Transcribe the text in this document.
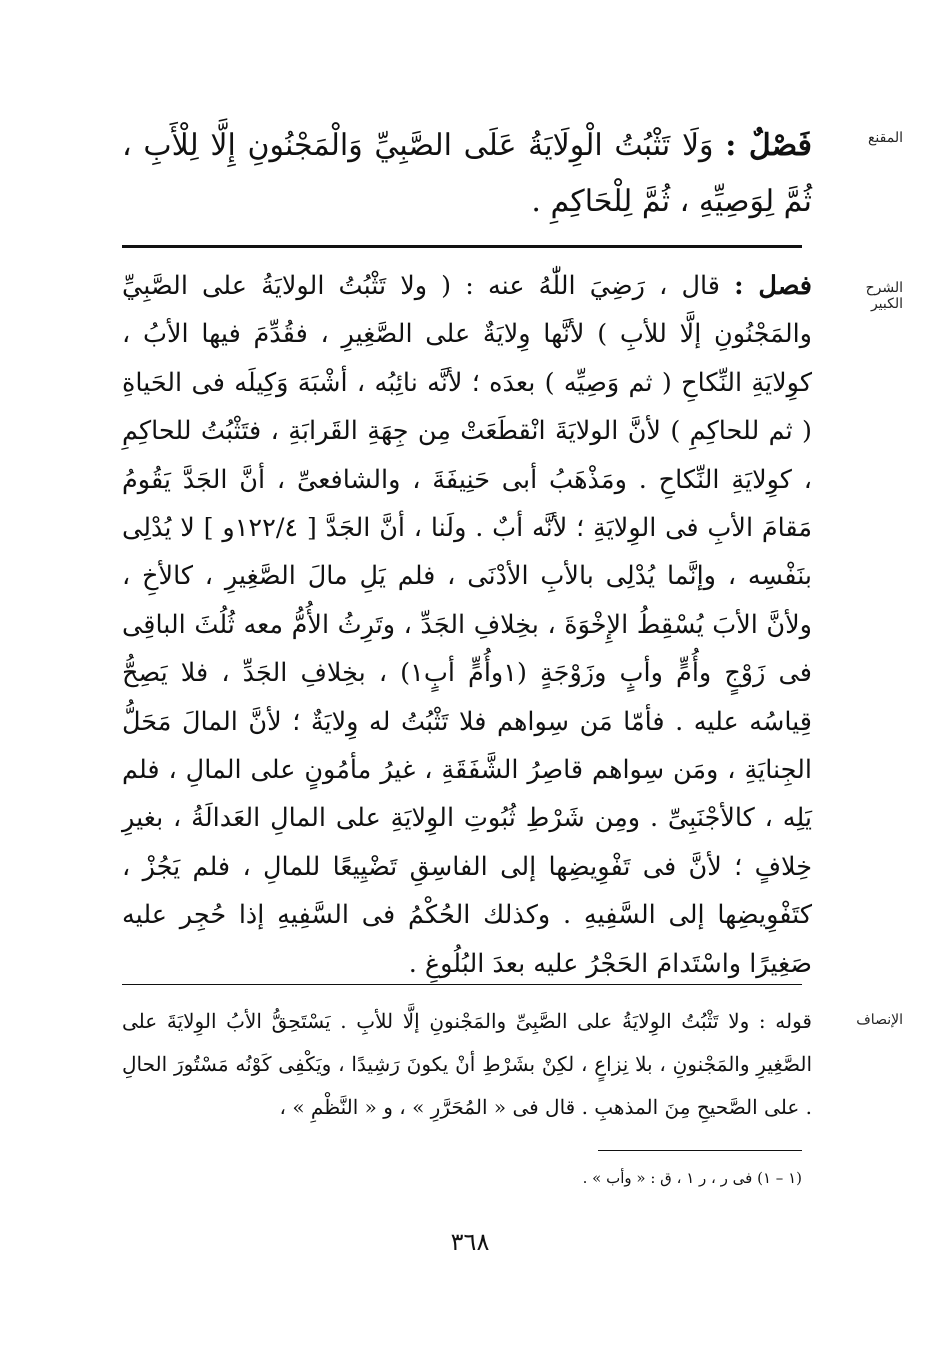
المقنع

فَصْلٌ : وَلَا تَثْبُتُ الْوِلَايَةُ عَلَى الصَّبِيِّ وَالْمَجْنُونِ إِلَّا لِلْأَبِ ، ثُمَّ لِوَصِيِّهِ ، ثُمَّ لِلْحَاكِمِ .

الشرح الكبير

فصل : قال ، رَضِيَ اللّٰهُ عنه : ( ولا تَثْبُتُ الولايَةُ على الصَّبِيِّ والمَجْنُونِ إلَّا للأبِ ) لأنَّها وِلايَةٌ على الصَّغِيرِ ، فقُدِّمَ فيها الأبُ ، كوِلايَةِ النِّكاحِ ( ثم وَصِيِّه ) بعدَه ؛ لأنَّه نائِبُه ، أشْبَهَ وَكِيلَه فى الحَياةِ ( ثم للحاكِمِ ) لأنَّ الولايَةَ انْقطَعَتْ مِن جِهَةِ القَرابَةِ ، فتَثْبُتُ للحاكِمِ ، كوِلايَةِ النِّكاحِ . ومَذْهَبُ أبى حَنِيفَةَ ، والشافعىِّ ، أنَّ الجَدَّ يَقُومُ مَقامَ الأبِ فى الوِلايَةِ ؛ لأنَّه أبٌ . ولَنا ، أنَّ الجَدَّ [ ١٢٢/٤و ] لا يُدْلِى بنَفْسِه ، وإنَّما يُدْلِى بالأبِ الأدْنَى ، فلم يَلِ مالَ الصَّغِيرِ ، كالأخِ ، ولأنَّ الأبَ يُسْقِطُ الإِخْوَةَ ، بخِلافِ الجَدِّ ، وتَرِثُ الأُمُّ معه ثُلُثَ الباقِى فى زَوْجٍ وأُمٍّ وأبٍ وزَوْجَةٍ (١وأُمٍّ أبٍ١) ، بخِلافِ الجَدِّ ، فلا يَصِحُّ قِياسُه عليه . فأمّا مَن سِواهم فلا تَثْبُتُ له وِلايَةٌ ؛ لأنَّ المالَ مَحَلُّ الجِنايَةِ ، ومَن سِواهم قاصِرُ الشَّفَقَةِ ، غيرُ مأمُونٍ على المالِ ، فلم يَلِه ، كالأجْنَبِىِّ . ومِن شَرْطِ ثُبُوتِ الوِلايَةِ على المالِ العَدالَةُ ، بغيرِ خِلافٍ ؛ لأنَّ فى تَفْوِيضِها إلى الفاسِقِ تَضْيِيعًا للمالِ ، فلم يَجُزْ ، كتَفْوِيضِها إلى السَّفِيهِ . وكذلك الحُكْمُ فى السَّفِيهِ إذا حُجِر عليه صَغِيرًا واسْتَدامَ الحَجْرُ عليه بعدَ البُلُوغِ .

الإنصاف

قوله : ولا تَثْبُتُ الوِلايَةُ على الصَّبِىِّ والمَجْنونِ إلَّا للأبِ . يَسْتَحِقُّ الأبُ الوِلايَةَ على الصَّغِيرِ والمَجْنونِ ، بلا نِزاعٍ ، لكِنْ بشَرْطِ أنْ يكونَ رَشِيدًا ، ويَكْفِى كَوْنُه مَسْتُورَ الحالِ . على الصَّحيحِ مِنَ المذهبِ . قال فى « المُحَرَّرِ » ، و « النَّظْمِ » ،

(١ – ١) فى ر ، ر ١ ، ق : « وأب » .
٣٦٨
